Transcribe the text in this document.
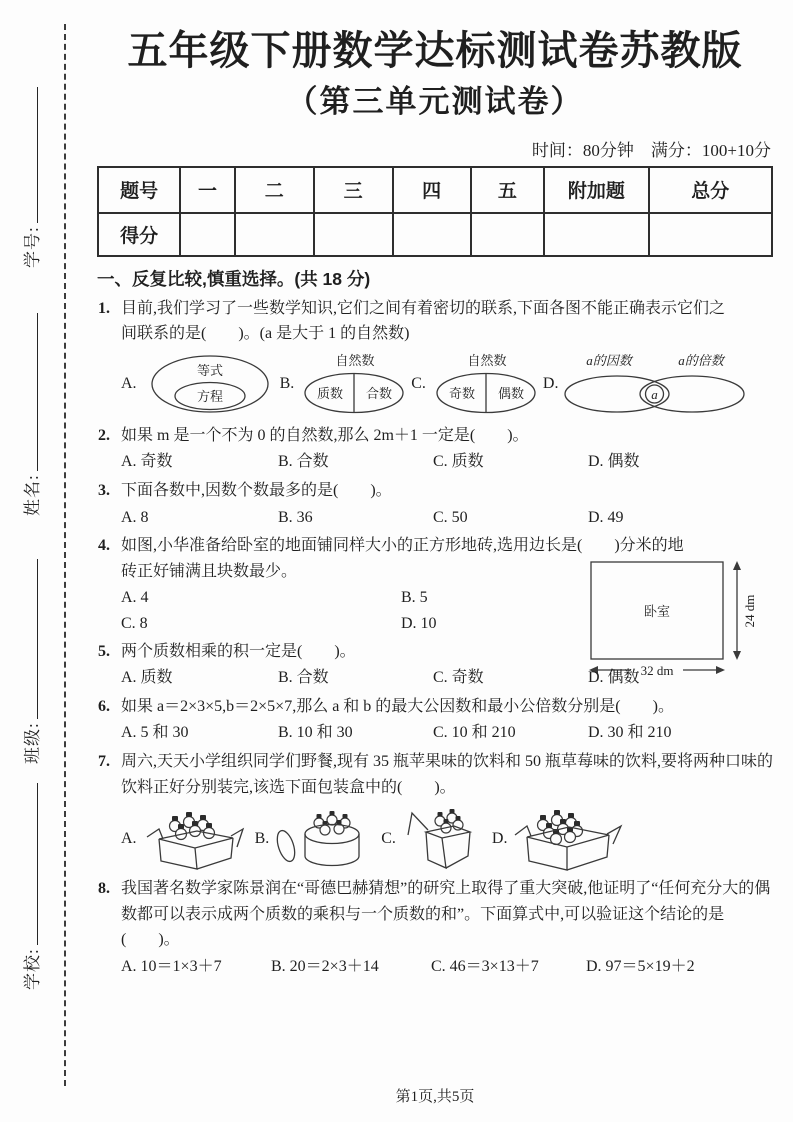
学号:
姓名:
班级:
学校:
五年级下册数学达标测试卷苏教版
（第三单元测试卷）
时间：80分钟　满分：100+10分
题号	一	二	三	四	五	附加题	总分
得分							
一、反复比较,慎重选择。(共 18 分)
1. 目前,我们学习了一些数学知识,它们之间有着密切的联系,下面各图不能正确表示它们之间联系的是(　　)。(a 是大于 1 的自然数)
A.
等式
方程
B.
自然数
质数 合数
C.
自然数
奇数 偶数
D.
a的因数	a的倍数
a
2. 如果 m 是一个不为 0 的自然数,那么 2m＋1 一定是(　　)。
A. 奇数	B. 合数	C. 质数	D. 偶数
3. 下面各数中,因数个数最多的是(　　)。
A. 8	B. 36	C. 50	D. 49
4. 如图,小华准备给卧室的地面铺同样大小的正方形地砖,选用边长是(　　)分米的地
砖正好铺满且块数最少。
A. 4	B. 5
C. 8	D. 10
卧室	24 dm
32 dm
5. 两个质数相乘的积一定是(　　)。
A. 质数	B. 合数	C. 奇数	D. 偶数
6. 如果 a＝2×3×5,b＝2×5×7,那么 a 和 b 的最大公因数和最小公倍数分别是(　　)。
A. 5 和 30	B. 10 和 30	C. 10 和 210	D. 30 和 210
7. 周六,天天小学组织同学们野餐,现有 35 瓶苹果味的饮料和 50 瓶草莓味的饮料,要将两种口味的饮料正好分别装完,该选下面包装盒中的(　　)。
A.	B.	C.	D.
8. 我国著名数学家陈景润在“哥德巴赫猜想”的研究上取得了重大突破,他证明了“任何充分大的偶数都可以表示成两个质数的乘积与一个质数的和”。下面算式中,可以验证这个结论的是(　　)。
A. 10＝1×3＋7	B. 20＝2×3＋14	C. 46＝3×13＋7	D. 97＝5×19＋2
第1页,共5页
